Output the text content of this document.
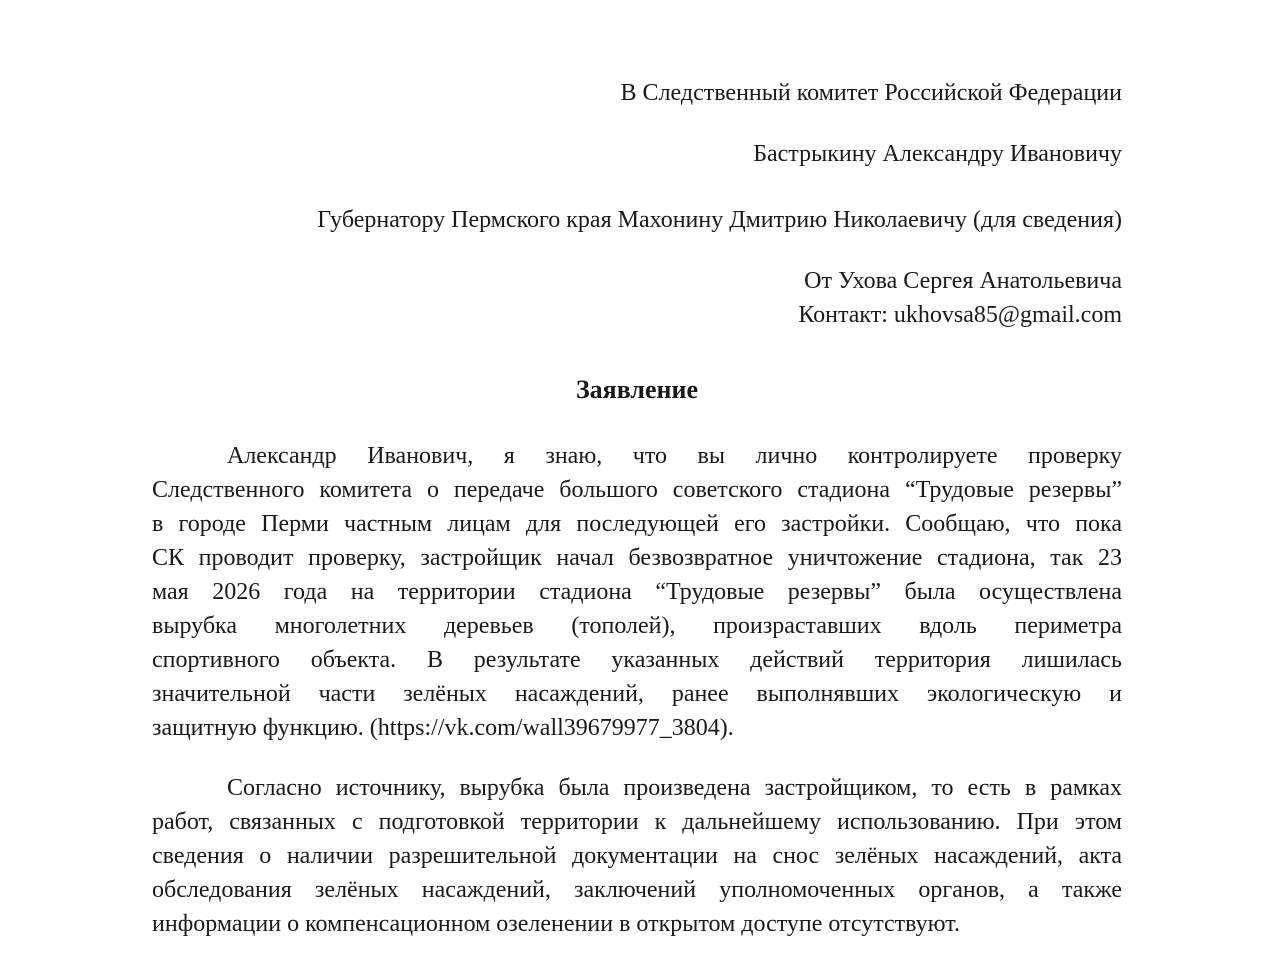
В Следственный комитет Российской Федерации
Бастрыкину Александру Ивановичу
Губернатору Пермского края Махонину Дмитрию Николаевичу (для сведения)
От Ухова Сергея Анатольевича
Контакт: ukhovsa85@gmail.com
Заявление
Александр Иванович, я знаю, что вы лично контролируете проверку
Следственного комитета о передаче большого советского стадиона “Трудовые резервы”
в городе Перми частным лицам для последующей его застройки. Сообщаю, что пока
СК проводит проверку, застройщик начал безвозвратное уничтожение стадиона, так 23
мая 2026 года на территории стадиона “Трудовые резервы” была осуществлена
вырубка многолетних деревьев (тополей), произраставших вдоль периметра
спортивного объекта. В результате указанных действий территория лишилась
значительной части зелёных насаждений, ранее выполнявших экологическую и
защитную функцию. (https://vk.com/wall39679977_3804).
Согласно источнику, вырубка была произведена застройщиком, то есть в рамках
работ, связанных с подготовкой территории к дальнейшему использованию. При этом
сведения о наличии разрешительной документации на снос зелёных насаждений, акта
обследования зелёных насаждений, заключений уполномоченных органов, а также
информации о компенсационном озеленении в открытом доступе отсутствуют.
